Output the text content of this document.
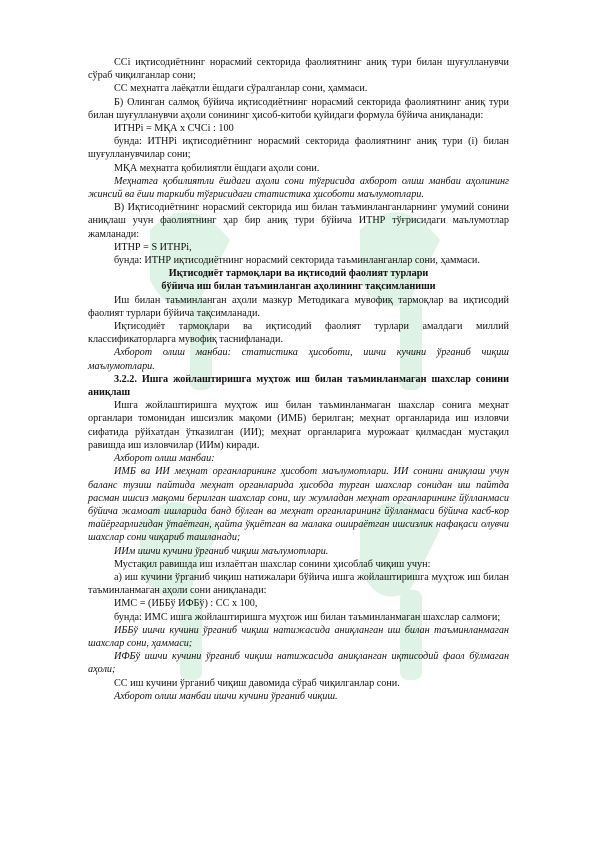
ССі иқтисодиётнинг норасмий секторида фаолиятнинг аниқ тури билан шуғулланувчи сўраб чиқилганлар сони;

СС меҳнатга лаёқатли ёшдаги сўралганлар сони, ҳаммаси.

Б) Олинган салмоқ бўйича иқтисодиётнинг норасмий секторида фаолиятнинг аниқ тури билан шуғулланувчи аҳоли сонининг ҳисоб-китоби қуйидаги формула бўйича аниқланади:

ИТНРі = МҚА х СЧСі : 100

бунда: ИТНРі иқтисодиётнинг норасмий секторида фаолиятнинг аниқ тури (і) билан шуғулланувчилар сони;

МҚА меҳнатга қобилиятли ёшдаги аҳоли сони.

Меҳнатга қобилиятли ёшдаги аҳоли сони тўғрисида ахборот олиш манбаи аҳолининг жинсий ва ёши таркиби тўғрисидаги статистика ҳисоботи маълумотлари.

В) Иқтисодиётнинг норасмий секторида иш билан таъминланганларнинг умумий сонини аниқлаш учун фаолиятнинг ҳар бир аниқ тури бўйича ИТНР тўғрисидаги маълумотлар жамланади:

ИТНР = S ИТНРі,

бунда: ИТНР иқтисодиётнинг норасмий секторида таъминланганлар сони, ҳаммаси.

Иқтисодиёт тармоқлари ва иқтисодий фаолият турлари

бўйича иш билан таъминланган аҳолининг тақсимланиши

Иш билан таъминланган аҳоли мазкур Методикага мувофиқ тармоқлар ва иқтисодий фаолият турлари бўйича тақсимланади.

Иқтисодиёт тармоқлари ва иқтисодий фаолият турлари амалдаги миллий классификаторларга мувофиқ таснифланади.

Ахборот олиш манбаи: статистика ҳисоботи, ишчи кучини ўрганиб чиқиш маълумотлари.

3.2.2. Ишга жойлаштиришга муҳтож иш билан таъминланмаган шахслар сонини аниқлаш

Ишга жойлаштиришга муҳтож иш билан таъминланмаган шахслар сонига меҳнат органлари томонидан ишсизлик мақоми (ИМБ) берилган; меҳнат органларида иш изловчи сифатида рўйхатдан ўтказилган (ИИ); меҳнат органларига мурожаат қилмасдан мустақил равишда иш изловчилар (ИИм) киради.

Ахборот олиш манбаи:

ИМБ ва ИИ меҳнат органларининг ҳисобот маълумотлари. ИИ сонини аниқлаш учун баланс тузиш пайтида меҳнат органларида ҳисобда турган шахслар сонидан иш пайтда расман ишсиз мақоми берилган шахслар сони, шу жумладан меҳнат органларининг йўлланмаси бўйича жамоат ишларида банд бўлган ва меҳнат органларининг йўлланмаси бўйича касб-кор тайёргарлигидан ўтаётган, қайта ўқиётган ва малака оширaётган ишсизлик нафақаси олувчи шахслар сони чиқариб ташланади;

ИИм ишчи кучини ўрганиб чиқиш маълумотлари.

Мустақил равишда иш излаётган шахслар сонини ҳисоблаб чиқиш учун:

а) иш кучини ўрганиб чиқиш натижалари бўйича ишга жойлаштиришга муҳтож иш билан таъминланмаган аҳоли сони аниқланади:

ИМС = (ИББў ИФБў) : СС х 100,

бунда: ИМС ишга жойлаштиришга муҳтож иш билан таъминланмаган шахслар салмоғи;

ИББў ишчи кучини ўрганиб чиқиш натижасида аниқланган иш билан таъминланмаган шахслар сони, ҳаммаси;

ИФБў ишчи кучини ўрганиб чиқиш натижасида аниқланган иқтисодий фаол бўлмаган аҳоли;

СС иш кучини ўрганиб чиқиш давомида сўраб чиқилганлар сони.

Ахборот олиш манбаи ишчи кучини ўрганиб чиқиш.
